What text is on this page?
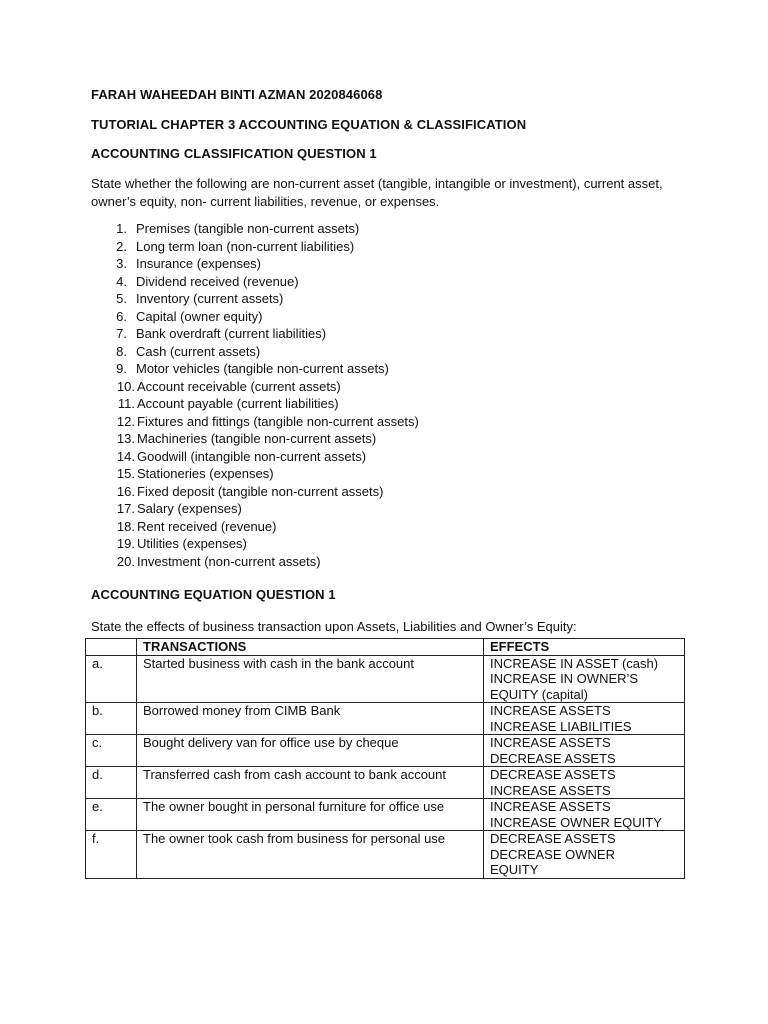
FARAH WAHEEDAH BINTI AZMAN 2020846068

TUTORIAL CHAPTER 3 ACCOUNTING EQUATION & CLASSIFICATION

ACCOUNTING CLASSIFICATION QUESTION 1

State whether the following are non-current asset (tangible, intangible or investment), current asset, owner’s equity, non- current liabilities, revenue, or expenses.

1. Premises (tangible non-current assets)
2. Long term loan (non-current liabilities)
3. Insurance (expenses)
4. Dividend received (revenue)
5. Inventory (current assets)
6. Capital (owner equity)
7. Bank overdraft (current liabilities)
8. Cash (current assets)
9. Motor vehicles (tangible non-current assets)
10. Account receivable (current assets)
11. Account payable (current liabilities)
12. Fixtures and fittings (tangible non-current assets)
13. Machineries (tangible non-current assets)
14. Goodwill (intangible non-current assets)
15. Stationeries (expenses)
16. Fixed deposit (tangible non-current assets)
17. Salary (expenses)
18. Rent received (revenue)
19. Utilities (expenses)
20. Investment (non-current assets)

ACCOUNTING EQUATION QUESTION 1

State the effects of business transaction upon Assets, Liabilities and Owner’s Equity:

	TRANSACTIONS	EFFECTS
a.	Started business with cash in the bank account	INCREASE IN ASSET (cash)
INCREASE IN OWNER’S
EQUITY (capital)

b.	Borrowed money from CIMB Bank	INCREASE ASSETS
INCREASE LIABILITIES

c.	Bought delivery van for office use by cheque	INCREASE ASSETS
DECREASE ASSETS

d.	Transferred cash from cash account to bank account	DECREASE ASSETS
INCREASE ASSETS

e.	The owner bought in personal furniture for office use	INCREASE ASSETS
INCREASE OWNER EQUITY

f.	The owner took cash from business for personal use	DECREASE ASSETS
DECREASE OWNER
EQUITY
